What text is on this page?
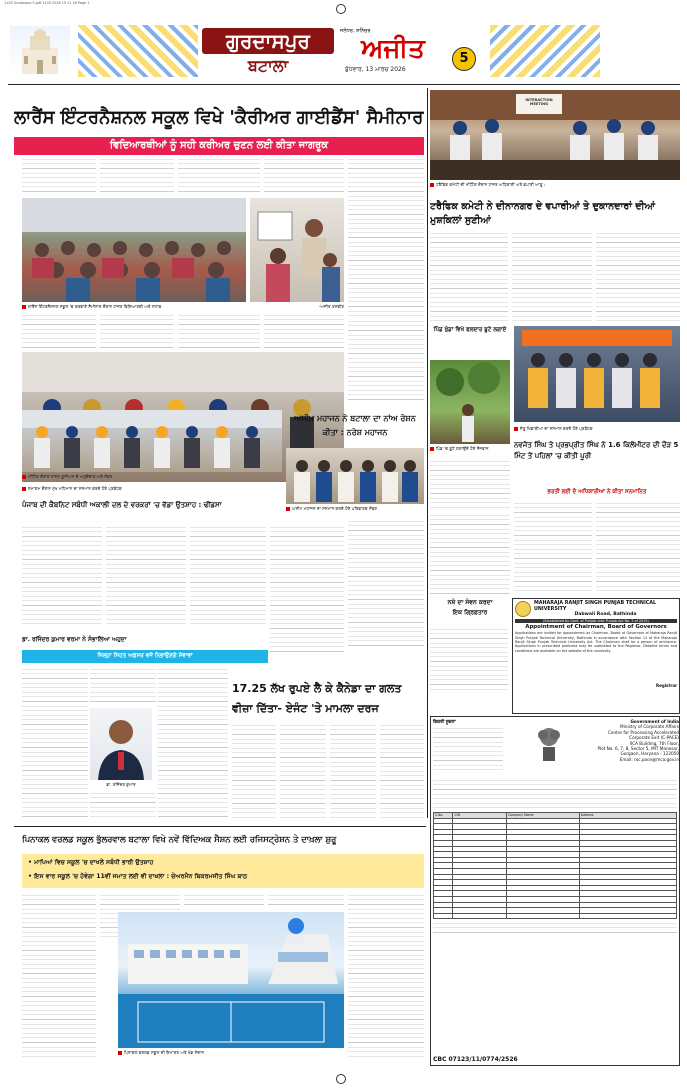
1103 Gurdaspur-5.pdf 1103 2026 15 11 26 Page 1
ਗੁਰਦਾਸਪੁਰ
ਬਟਾਲਾ
ਜਲੰਧਰ, ਸ਼ਨਿੱਚਰ
ਅਜੀਤ
ਬੁੱਧਵਾਰ, 13 ਮਾਰਚ 2026
5
ਲਾਰੈਂਸ ਇੰਟਰਨੈਸ਼ਨਲ ਸਕੂਲ ਵਿਖੇ 'ਕੈਰੀਅਰ ਗਾਈਡੈਂਸ' ਸੈਮੀਨਾਰ
ਵਿਦਿਆਰਥੀਆਂ ਨੂੰ ਸਹੀ ਕਰੀਅਰ ਚੁਣਨ ਲਈ ਕੀਤਾ ਜਾਗਰੂਕ
ਲਾਰੈਂਸ ਇੰਟਰਨੈਸ਼ਨਲ ਸਕੂਲ 'ਚ ਕਰਵਾਏ ਸੈਮੀਨਾਰ ਦੌਰਾਨ ਹਾਜ਼ਰ ਵਿਦਿਆਰਥੀ ਅਤੇ ਸਟਾਫ਼	-ਅਜੀਤ ਤਸਵੀਰ
ਸਮਾਗਮ ਦੌਰਾਨ ਮੁੱਖ ਮਹਿਮਾਨ ਦਾ ਸਨਮਾਨ ਕਰਦੇ ਹੋਏ ਪ੍ਰਬੰਧਕ
INTERACTION MEETING
ਟਰੈਫਿਕ ਕਮੇਟੀ ਦੀ ਮੀਟਿੰਗ ਦੌਰਾਨ ਹਾਜ਼ਰ ਅਧਿਕਾਰੀ ਅਤੇ ਵਪਾਰੀ ਆਗੂ।
ਟਰੈਫਿਕ ਕਮੇਟੀ ਨੇ ਦੀਨਾਨਗਰ ਦੇ ਵਪਾਰੀਆਂ ਤੇ ਦੁਕਾਨਦਾਰਾਂ ਦੀਆਂ ਮੁਸ਼ਕਿਲਾਂ ਸੁਣੀਆਂ
ਪਿੰਡ ਖੁੰਡਾ ਵਿਖੇ ਫਲਦਾਰ ਬੂਟੇ ਲਗਾਏ
ਜੇਤੂ ਖਿਡਾਰੀਆਂ ਦਾ ਸਨਮਾਨ ਕਰਦੇ ਹੋਏ ਪ੍ਰਬੰਧਕ
ਪਿੰਡ 'ਚ ਬੂਟੇ ਲਗਾਉਂਦੇ ਹੋਏ ਨੌਜਵਾਨ	ਨਵਜੋਤ ਸਿੰਘ ਤੇ ਪ੍ਰਭਪ੍ਰੀਤ ਸਿੰਘ ਨੇ 1.6 ਕਿਲੋਮੀਟਰ ਦੀ ਦੌੜ 5 ਮਿੰਟ ਤੋਂ ਪਹਿਲਾਂ 'ਚ ਕੀਤੀ ਪੂਰੀ
ਭਰਤੀ ਲਈ ਦੋ ਅਧਿਕਾਰੀਆਂ ਨੇ ਕੀਤਾ ਸਨਮਾਨਿਤ
ਅਸੀਮ ਮਹਾਜਨ ਨੇ ਬਟਾਲਾ ਦਾ ਨਾਂਅ ਰੋਸ਼ਨ ਕੀਤਾ : ਨਰੇਸ਼ ਮਹਾਜਨ
ਅਸੀਮ ਮਹਾਜਨ ਦਾ ਸਨਮਾਨ ਕਰਦੇ ਹੋਏ ਪਰਿਵਾਰਕ ਮੈਂਬਰ
ਮੀਟਿੰਗ ਦੌਰਾਨ ਹਾਜ਼ਰ ਯੂਨੀਅਨ ਦੇ ਅਹੁਦੇਦਾਰ ਅਤੇ ਮੈਂਬਰ
ਪੰਜਾਬ ਦੀ ਕੈਬਨਿਟ ਸਬੰਧੀ ਅਕਾਲੀ ਦਲ ਦੇ ਵਰਕਰਾਂ 'ਚ ਵੱਡਾ ਉਤਸ਼ਾਹ : ਢੀਂਡਸਾ
ਡਾ. ਰਜਿੰਦਰ ਕੁਮਾਰ ਵਰਮਾ ਨੇ ਸੰਭਾਲਿਆ ਅਹੁਦਾ
ਜ਼ਿਲ੍ਹਾ ਸਿਹਤ ਅਫ਼ਸਰ ਵਜੋਂ ਨਿਭਾਉਣਗੇ ਸੇਵਾਵਾਂ
ਡਾ. ਰਜਿੰਦਰ ਕੁਮਾਰ
17.25 ਲੱਖ ਰੁਪਏ ਲੈ ਕੇ ਕੈਨੇਡਾ ਦਾ ਗਲਤ
ਵੀਜ਼ਾ ਦਿੱਤਾ- ਏਜੰਟ 'ਤੇ ਮਾਮਲਾ ਦਰਜ
ਨਸ਼ੇ ਦਾ ਸੇਵਨ ਕਰਦਾ
ਇਕ ਗ੍ਰਿਫ਼ਤਾਰ
MAHARAJA RANJIT SINGH PUNJAB TECHNICAL UNIVERSITY
Dabwali Road, Bathinda
(Established by Govt. of Punjab vide Punjab Act No. 5 of 2015)
Appointment of Chairman, Board of Governors
Applications are invited for appointment as Chairman, Board of Governors of Maharaja Ranjit Singh Punjab Technical University, Bathinda in accordance with Section 12 of the Maharaja Ranjit Singh Punjab Technical University Act. The Chairman shall be a person of eminence. Applications in prescribed proforma may be submitted to the Registrar. Detailed terms and conditions are available on the website of the university.
Registrar
ਵਿਕਰੀ ਸੂਚਨਾ	Government of India
Ministry of Corporate Affairs
Centre for Processing Accelerated
Corporate Exit (C-PACE)
IICA Building, 7th Floor,
Plot No. 6, 7, 8, Sector 5, IMT Manesar,
Gurgaon, Haryana - 122050
Email: roc.pace@mca.gov.in
S.No.	CIN	Company Name	Address

CBC 07123/11/0774/2526
ਪਿਨਾਕਲ ਵਰਲਡ ਸਕੂਲ ਭੁੱਲਰਵਾਲ ਬਟਾਲਾ ਵਿਖੇ ਨਵੇਂ ਵਿੱਦਿਅਕ ਸੈਸ਼ਨ ਲਈ ਰਜਿਸਟ੍ਰੇਸ਼ਨ ਤੇ ਦਾਖ਼ਲਾ ਸ਼ੁਰੂ
• ਮਾਪਿਆਂ ਵਿਚ ਸਕੂਲ 'ਚ ਦਾਖਲੇ ਸਬੰਧੀ ਭਾਰੀ ਉਤਸ਼ਾਹ
• ਇਸ ਵਾਰ ਸਕੂਲ 'ਚ ਹੋਵੇਗਾ 11ਵੀਂ ਜਮਾਤ ਲਈ ਵੀ ਦਾਖ਼ਲਾ : ਚੇਅਰਮੈਨ ਬਿਕਰਮਜੀਤ ਸਿੰਘ ਬਾਠ
ਪਿਨਾਕਲ ਵਰਲਡ ਸਕੂਲ ਦੀ ਇਮਾਰਤ ਅਤੇ ਖੇਡ ਮੈਦਾਨ
